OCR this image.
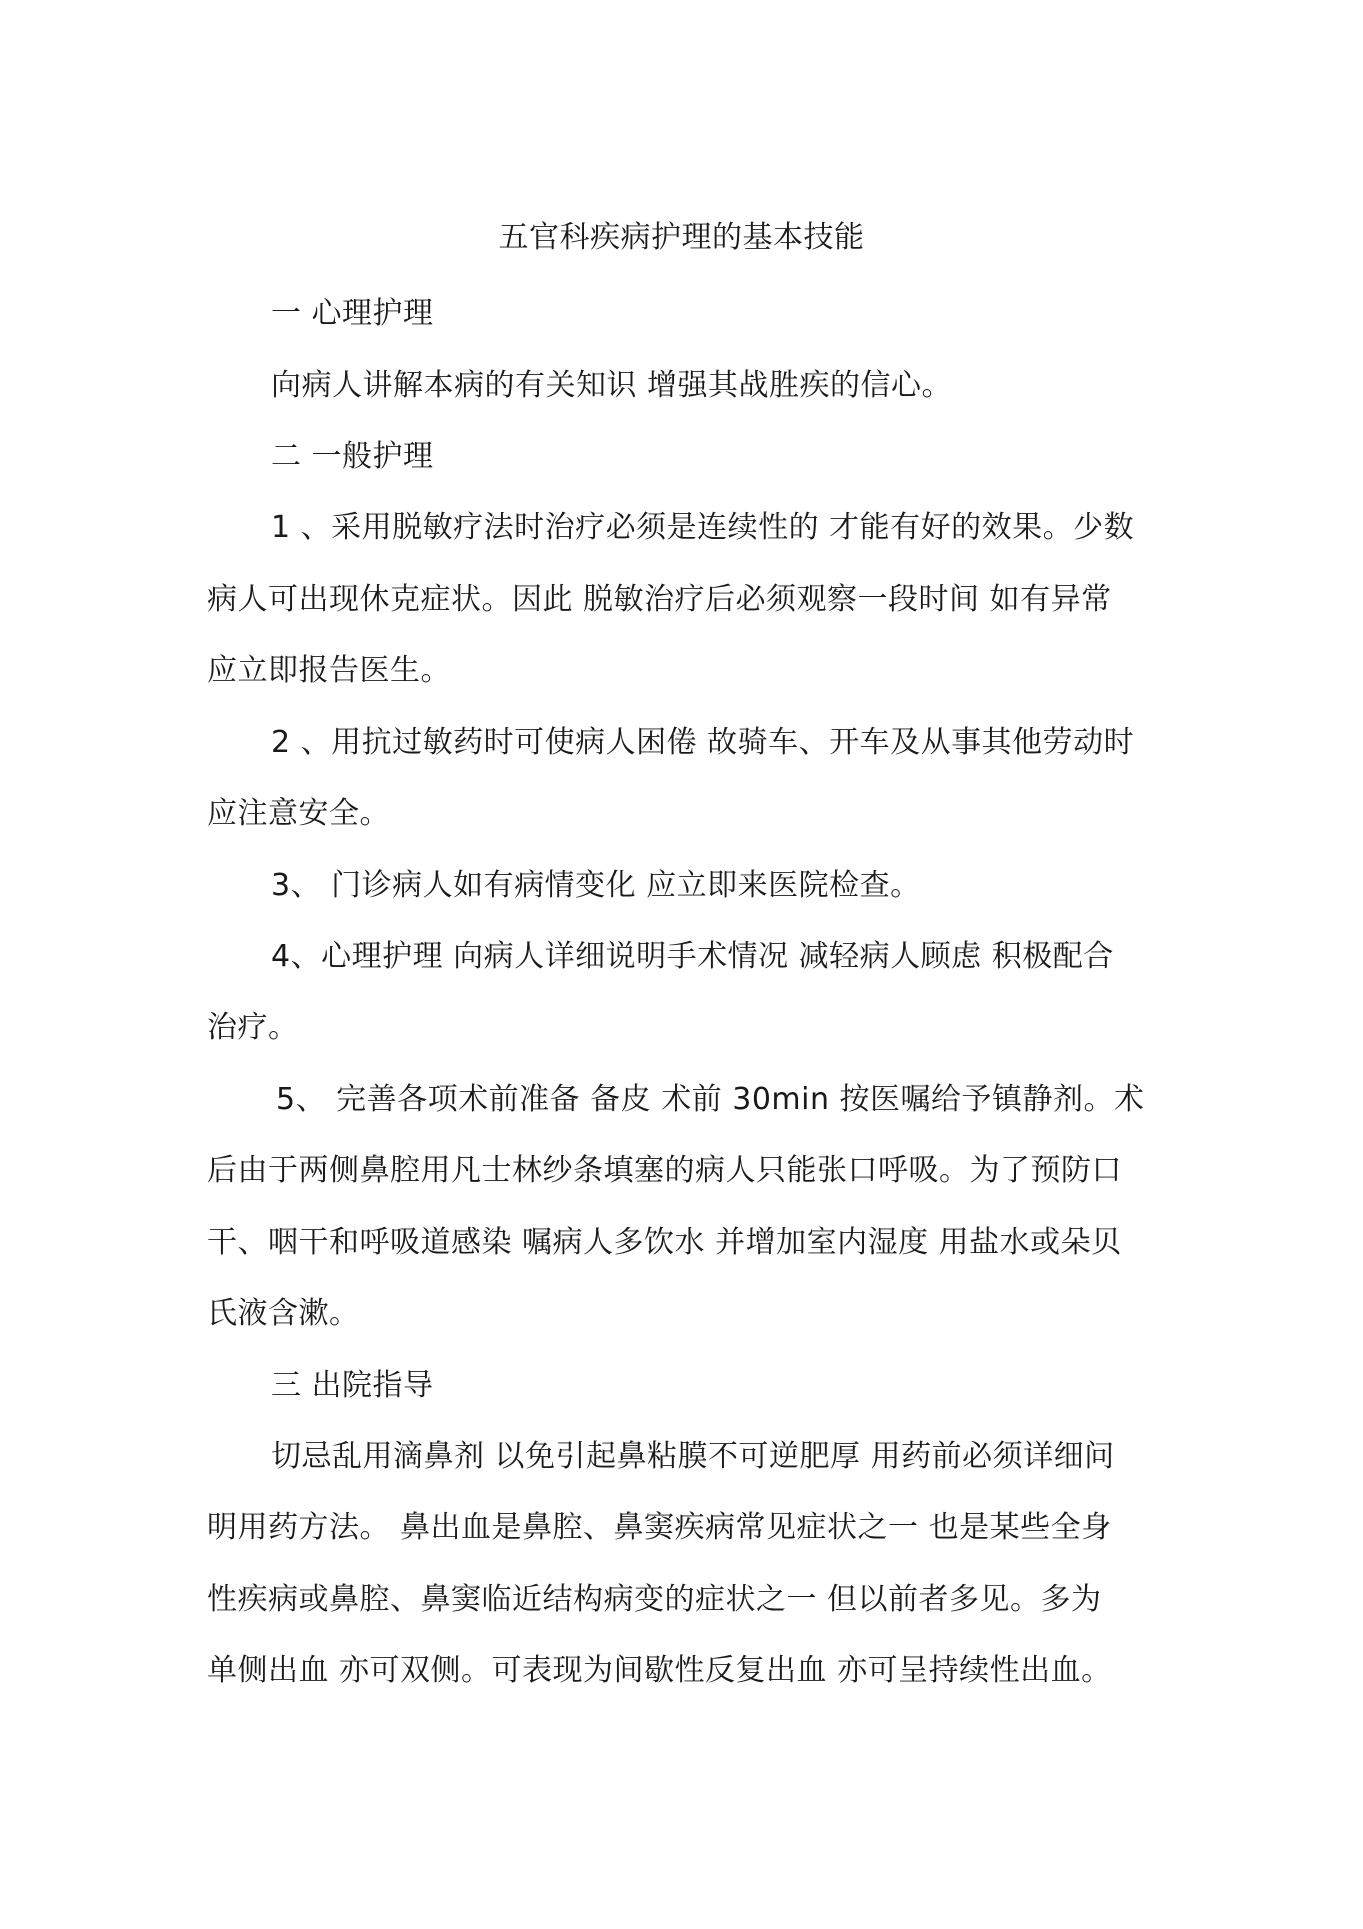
五官科疾病护理的基本技能

一 心理护理

向病人讲解本病的有关知识 增强其战胜疾的信心。

二 一般护理

1 、采用脱敏疗法时治疗必须是连续性的 才能有好的效果。少数

病人可出现休克症状。因此 脱敏治疗后必须观察一段时间 如有异常

应立即报告医生。

2 、用抗过敏药时可使病人困倦 故骑车、开车及从事其他劳动时

应注意安全。

3、 门诊病人如有病情变化 应立即来医院检查。

4、心理护理 向病人详细说明手术情况 减轻病人顾虑 积极配合

治疗。

5、 完善各项术前准备 备皮 术前 30min 按医嘱给予镇静剂。术

后由于两侧鼻腔用凡士林纱条填塞的病人只能张口呼吸。为了预防口

干、咽干和呼吸道感染 嘱病人多饮水 并增加室内湿度 用盐水或朵贝

氏液含漱。

三 出院指导

切忌乱用滴鼻剂 以免引起鼻粘膜不可逆肥厚 用药前必须详细问

明用药方法。 鼻出血是鼻腔、鼻窦疾病常见症状之一 也是某些全身

性疾病或鼻腔、鼻窦临近结构病变的症状之一 但以前者多见。多为

单侧出血 亦可双侧。可表现为间歇性反复出血 亦可呈持续性出血。
